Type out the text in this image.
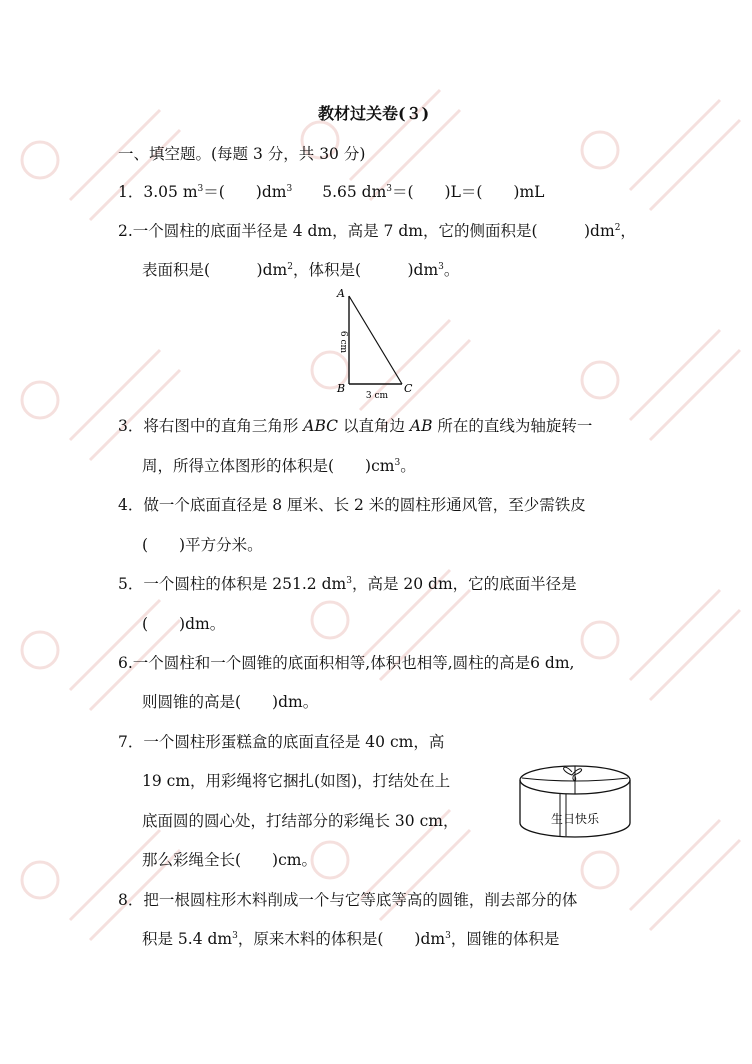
教材过关卷(３)
一、填空题。(每题 3 分，共 30 分)
1．3.05 $m^3=$(　　)$dm^3$ 5.65 $dm^3=$(　　)L＝(　　)mL
2.一个圆柱的底面半径是 4 dm，高是 7 dm，它的侧面积是(　　　)$dm^2$，
表面积是(　　　)$dm^2$，体积是(　　　)$dm^3$。
A
B	C
6 cm
3 cm
3．将右图中的直角三角形 ABC 以直角边 AB 所在的直线为轴旋转一
周，所得立体图形的体积是(　　)$cm^3$。
4．做一个底面直径是 8 厘米、长 2 米的圆柱形通风管，至少需铁皮
(　　)平方分米。
5．一个圆柱的体积是 251.2 $dm^3$，高是 20 dm，它的底面半径是
(　　)dm。
6.一个圆柱和一个圆锥的底面积相等,体积也相等,圆柱的高是6 dm,
则圆锥的高是(　　)dm。
7．一个圆柱形蛋糕盒的底面直径是 40 cm，高
19 cm，用彩绳将它捆扎(如图)，打结处在上
底面圆的圆心处，打结部分的彩绳长 30 cm，
那么彩绳全长(　　)cm。
生日快乐
8．把一根圆柱形木料削成一个与它等底等高的圆锥，削去部分的体
积是 5.4 $dm^3$，原来木料的体积是(　　)$dm^3$，圆锥的体积是
